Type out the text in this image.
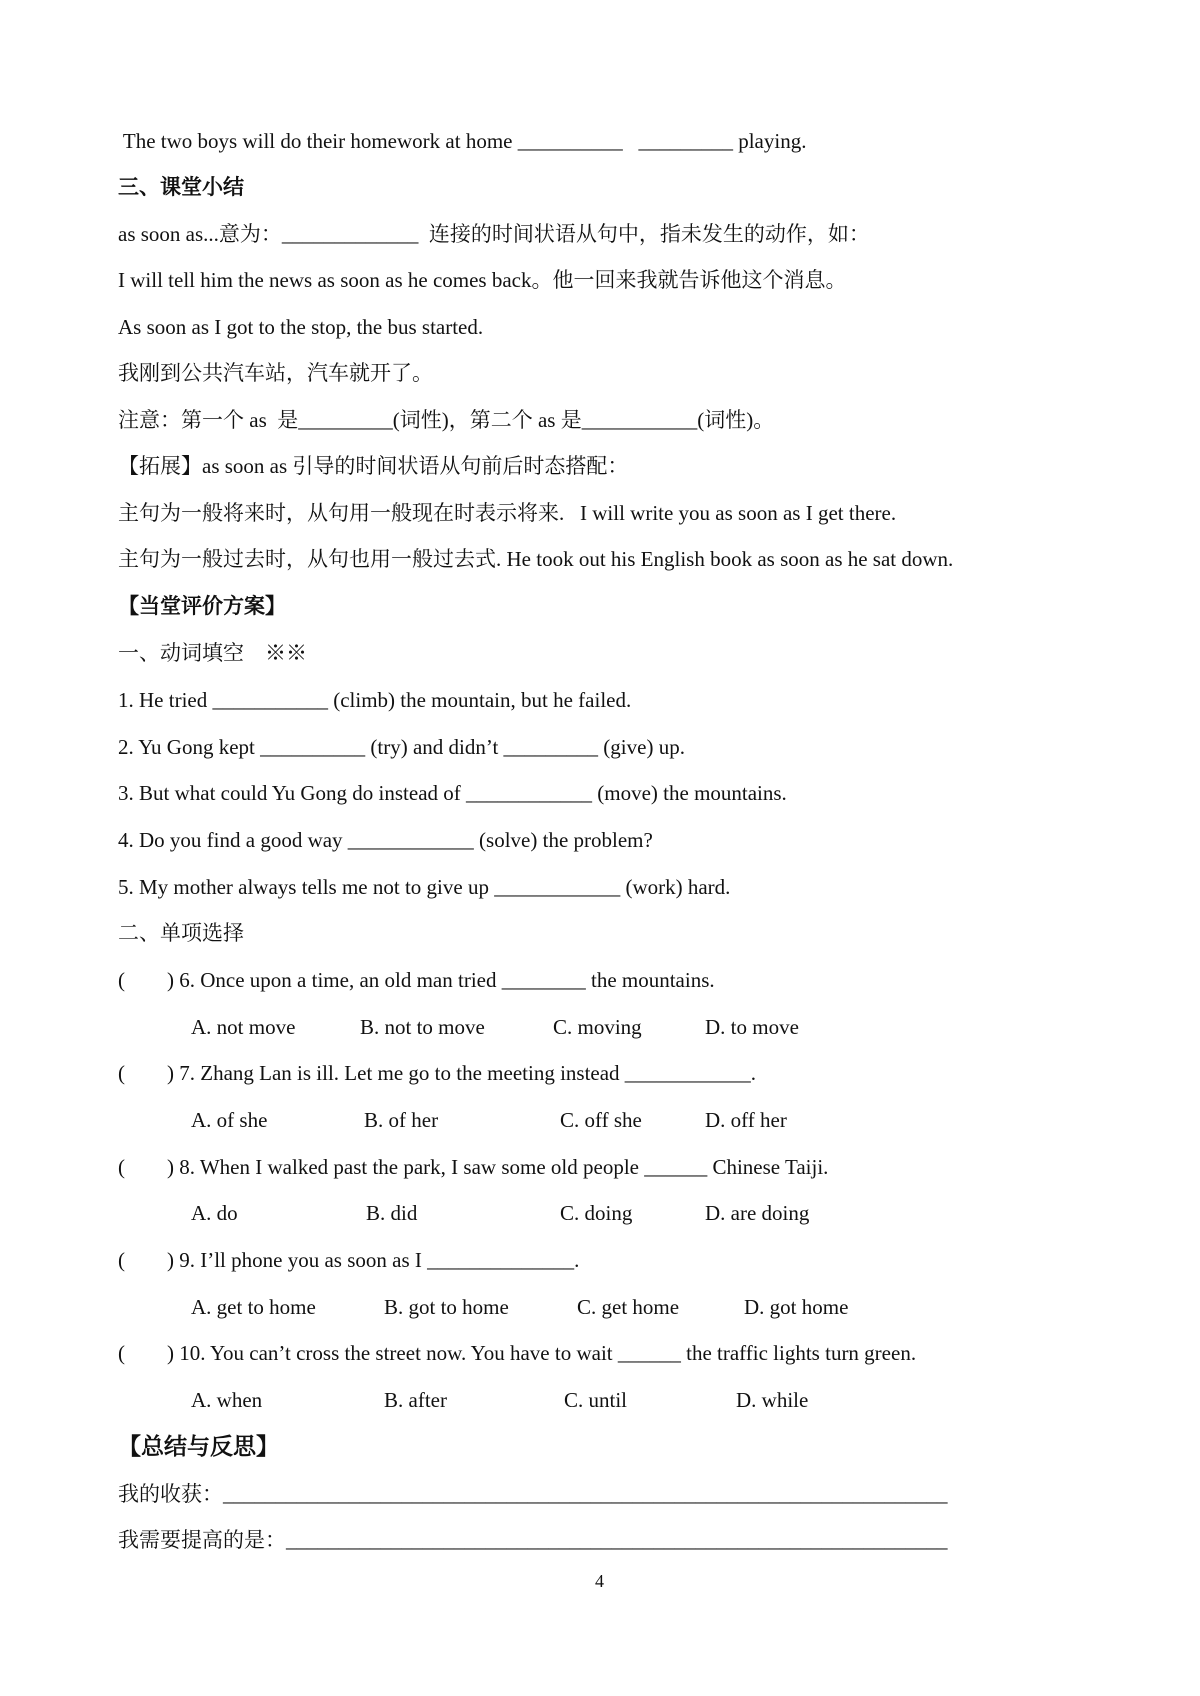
The two boys will do their homework at home __________   _________ playing.
三、课堂小结
as soon as...意为：_____________  连接的时间状语从句中，指未发生的动作，如：
I will tell him the news as soon as he comes back。他一回来我就告诉他这个消息。
As soon as I got to the stop, the bus started.
我刚到公共汽车站，汽车就开了。
注意：第一个 as  是_________(词性)，第二个 as 是___________(词性)。
【拓展】as soon as 引导的时间状语从句前后时态搭配：
主句为一般将来时，从句用一般现在时表示将来.   I will write you as soon as I get there.
主句为一般过去时，从句也用一般过去式. He took out his English book as soon as he sat down.
【当堂评价方案】
一、动词填空    ※※
1. He tried ___________ (climb) the mountain, but he failed.
2. Yu Gong kept __________ (try) and didn’t _________ (give) up.
3. But what could Yu Gong do instead of ____________ (move) the mountains.
4. Do you find a good way ____________ (solve) the problem?
5. My mother always tells me not to give up ____________ (work) hard.
二、单项选择
(        ) 6. Once upon a time, an old man tried ________ the mountains.
A. not move	B. not to move	C. moving	D. to move
(        ) 7. Zhang Lan is ill. Let me go to the meeting instead ____________.
A. of she	B. of her	C. off she	D. off her
(        ) 8. When I walked past the park, I saw some old people ______ Chinese Taiji.
A. do	B. did	C. doing	D. are doing
(        ) 9. I’ll phone you as soon as I ______________.
A. get to home	B. got to home	C. get home	D. got home
(        ) 10. You can’t cross the street now. You have to wait ______ the traffic lights turn green.
A. when	B. after	C. until	D. while
【总结与反思】
我的收获：_____________________________________________________________________
我需要提高的是：_______________________________________________________________
4
